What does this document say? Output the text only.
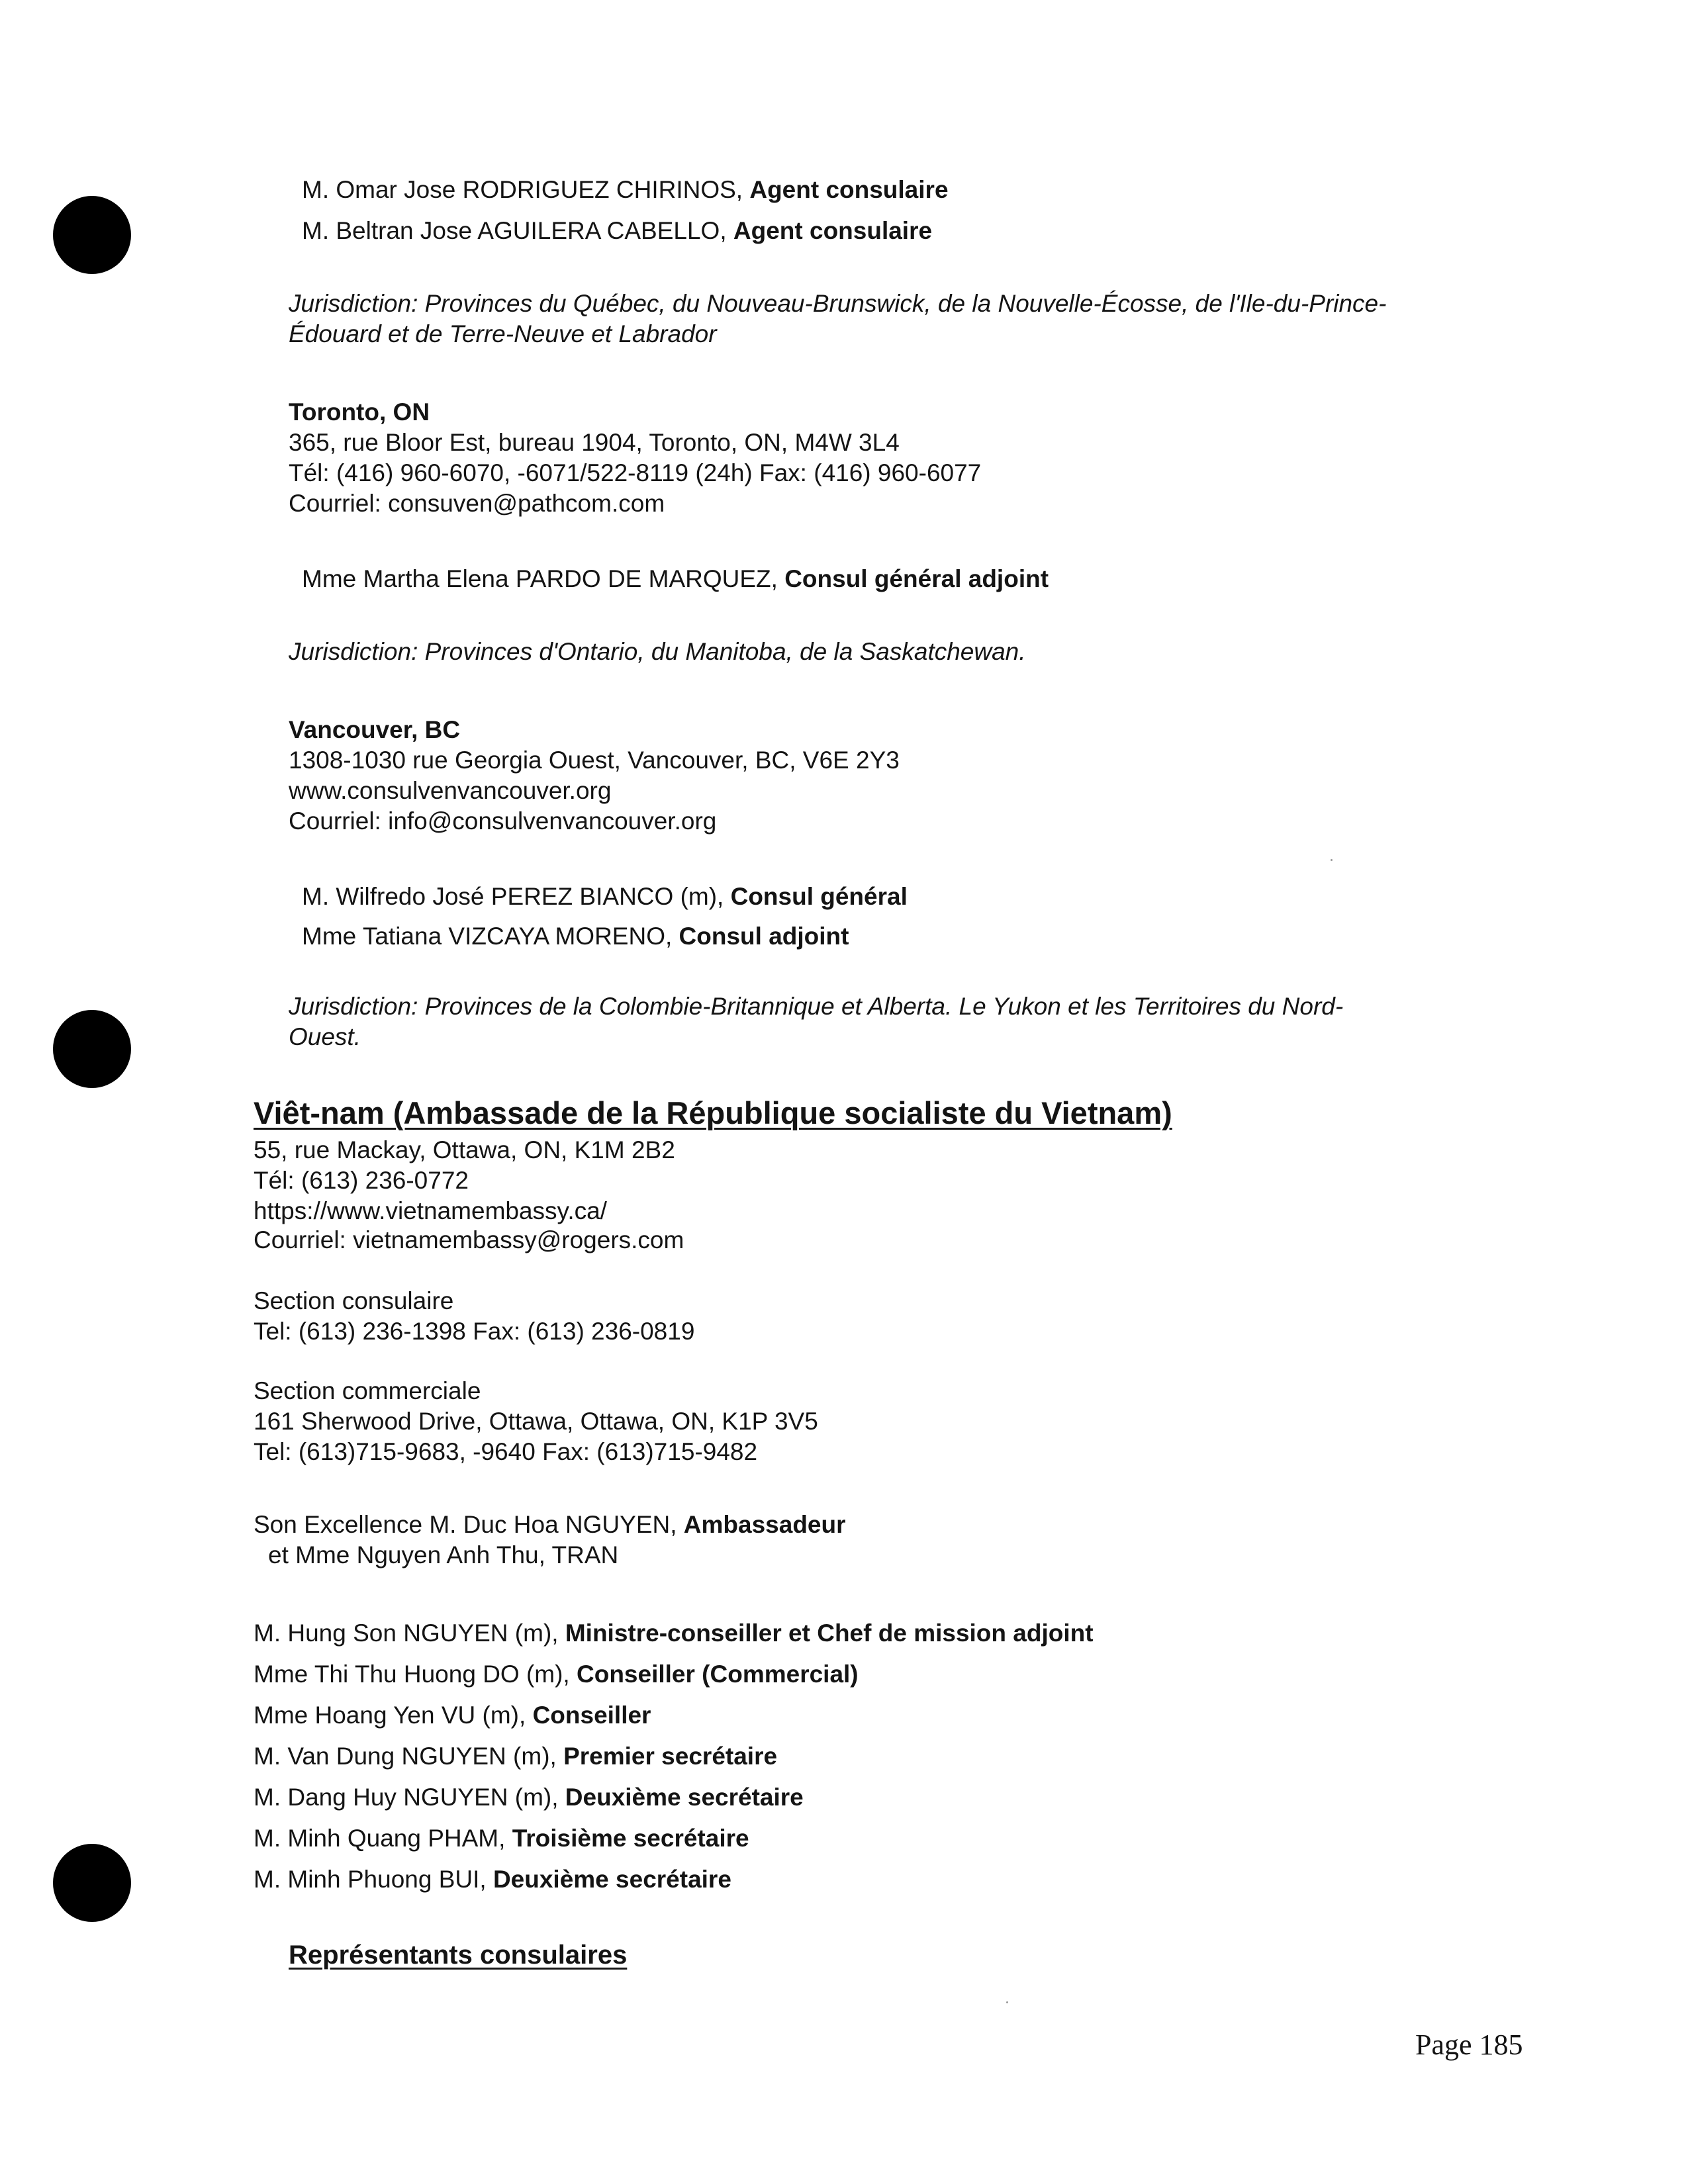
M. Omar Jose RODRIGUEZ CHIRINOS, Agent consulaire
M. Beltran Jose AGUILERA CABELLO, Agent consulaire
Jurisdiction: Provinces du Québec, du Nouveau-Brunswick, de la Nouvelle-Écosse, de l'Ile-du-Prince-
Édouard et de Terre-Neuve et Labrador
Toronto, ON
365, rue Bloor Est, bureau 1904, Toronto, ON, M4W 3L4
Tél: (416) 960-6070, -6071/522-8119 (24h) Fax: (416) 960-6077
Courriel: consuven@pathcom.com
Mme Martha Elena PARDO DE MARQUEZ, Consul général adjoint
Jurisdiction: Provinces d'Ontario, du Manitoba, de la Saskatchewan.
Vancouver, BC
1308-1030 rue Georgia Ouest, Vancouver, BC, V6E 2Y3
www.consulvenvancouver.org
Courriel: info@consulvenvancouver.org
M. Wilfredo José PEREZ BIANCO (m), Consul général
Mme Tatiana VIZCAYA MORENO, Consul adjoint
Jurisdiction: Provinces de la Colombie-Britannique et Alberta. Le Yukon et les Territoires du Nord-
Ouest.
Viêt-nam (Ambassade de la République socialiste du Vietnam)
55, rue Mackay, Ottawa, ON, K1M 2B2
Tél: (613) 236-0772
https://www.vietnamembassy.ca/
Courriel: vietnamembassy@rogers.com
Section consulaire
Tel: (613) 236-1398 Fax: (613) 236-0819
Section commerciale
161 Sherwood Drive, Ottawa, Ottawa, ON, K1P 3V5
Tel: (613)715-9683, -9640 Fax: (613)715-9482
Son Excellence M. Duc Hoa NGUYEN, Ambassadeur
et Mme Nguyen Anh Thu, TRAN
M. Hung Son NGUYEN (m), Ministre-conseiller et Chef de mission adjoint
Mme Thi Thu Huong DO (m), Conseiller (Commercial)
Mme Hoang Yen VU (m), Conseiller
M. Van Dung NGUYEN (m), Premier secrétaire
M. Dang Huy NGUYEN (m), Deuxième secrétaire
M. Minh Quang PHAM, Troisième secrétaire
M. Minh Phuong BUI, Deuxième secrétaire
Représentants consulaires
Page 185
